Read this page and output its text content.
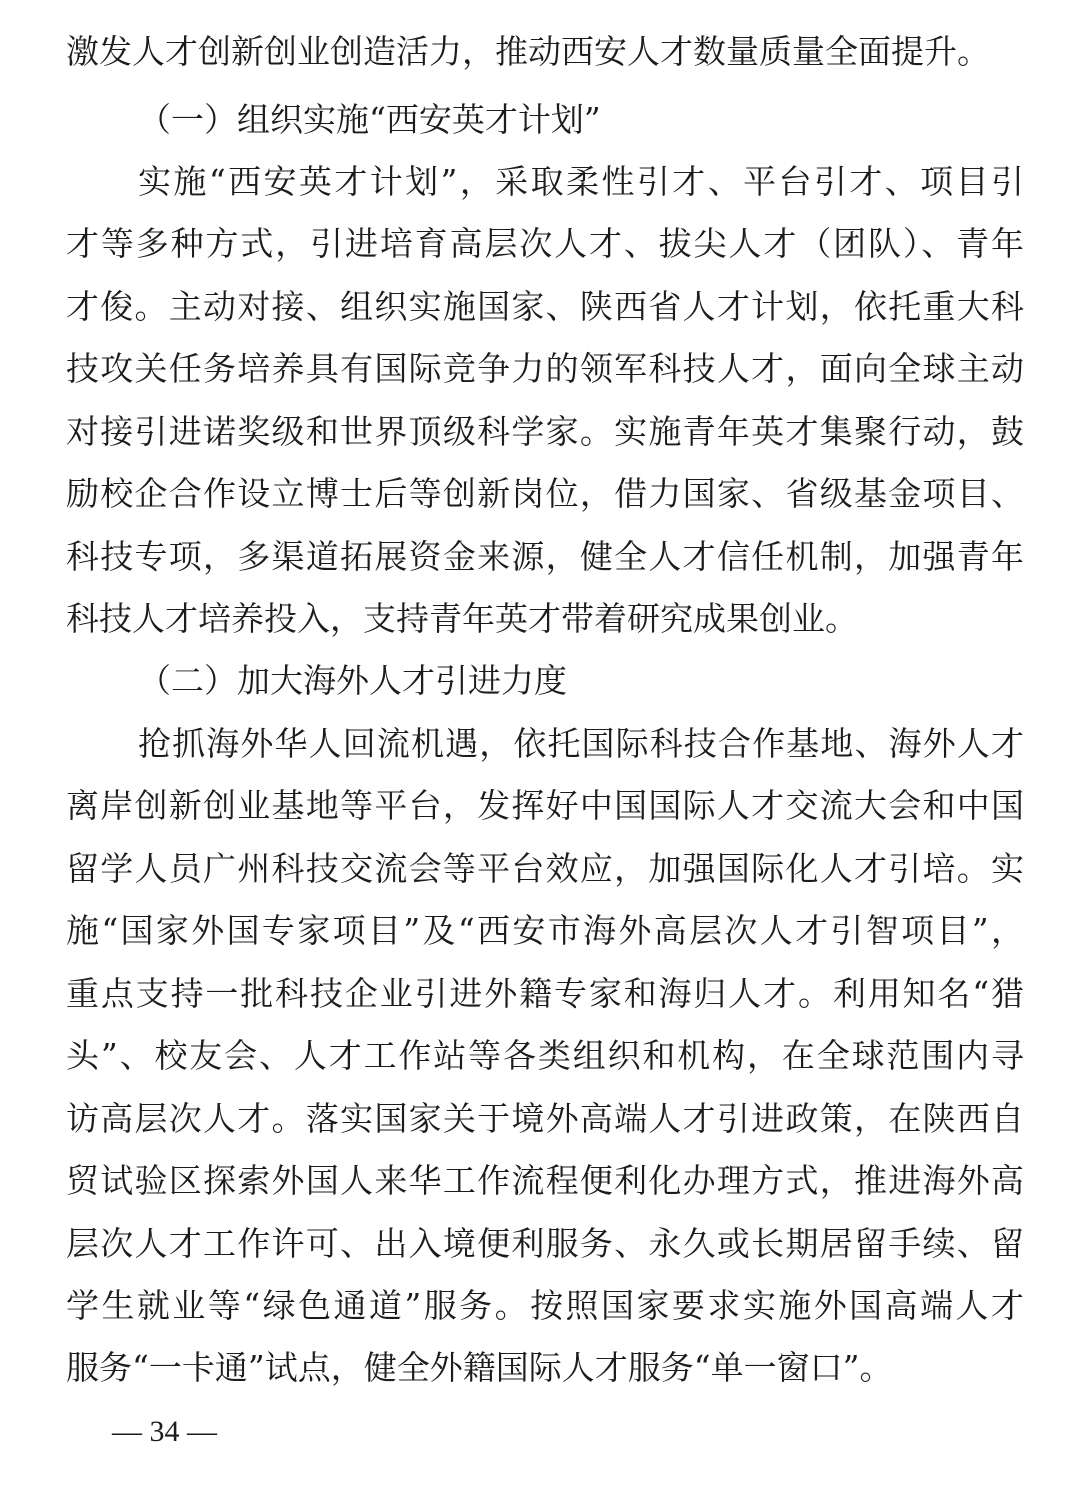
激发人才创新创业创造活力，推动西安人才数量质量全面提升。
（一）组织实施“西安英才计划”
实施“西安英才计划”，采取柔性引才、平台引才、项目引
才等多种方式，引进培育高层次人才、拔尖人才（团队）、青年
才俊。主动对接、组织实施国家、陕西省人才计划，依托重大科
技攻关任务培养具有国际竞争力的领军科技人才，面向全球主动
对接引进诺奖级和世界顶级科学家。实施青年英才集聚行动，鼓
励校企合作设立博士后等创新岗位，借力国家、省级基金项目、
科技专项，多渠道拓展资金来源，健全人才信任机制，加强青年
科技人才培养投入，支持青年英才带着研究成果创业。
（二）加大海外人才引进力度
抢抓海外华人回流机遇，依托国际科技合作基地、海外人才
离岸创新创业基地等平台，发挥好中国国际人才交流大会和中国
留学人员广州科技交流会等平台效应，加强国际化人才引培。实
施“国家外国专家项目”及“西安市海外高层次人才引智项目”，
重点支持一批科技企业引进外籍专家和海归人才。利用知名“猎
头”、校友会、人才工作站等各类组织和机构，在全球范围内寻
访高层次人才。落实国家关于境外高端人才引进政策，在陕西自
贸试验区探索外国人来华工作流程便利化办理方式，推进海外高
层次人才工作许可、出入境便利服务、永久或长期居留手续、留
学生就业等“绿色通道”服务。按照国家要求实施外国高端人才
服务“一卡通”试点，健全外籍国际人才服务“单一窗口”。
— 34 —
